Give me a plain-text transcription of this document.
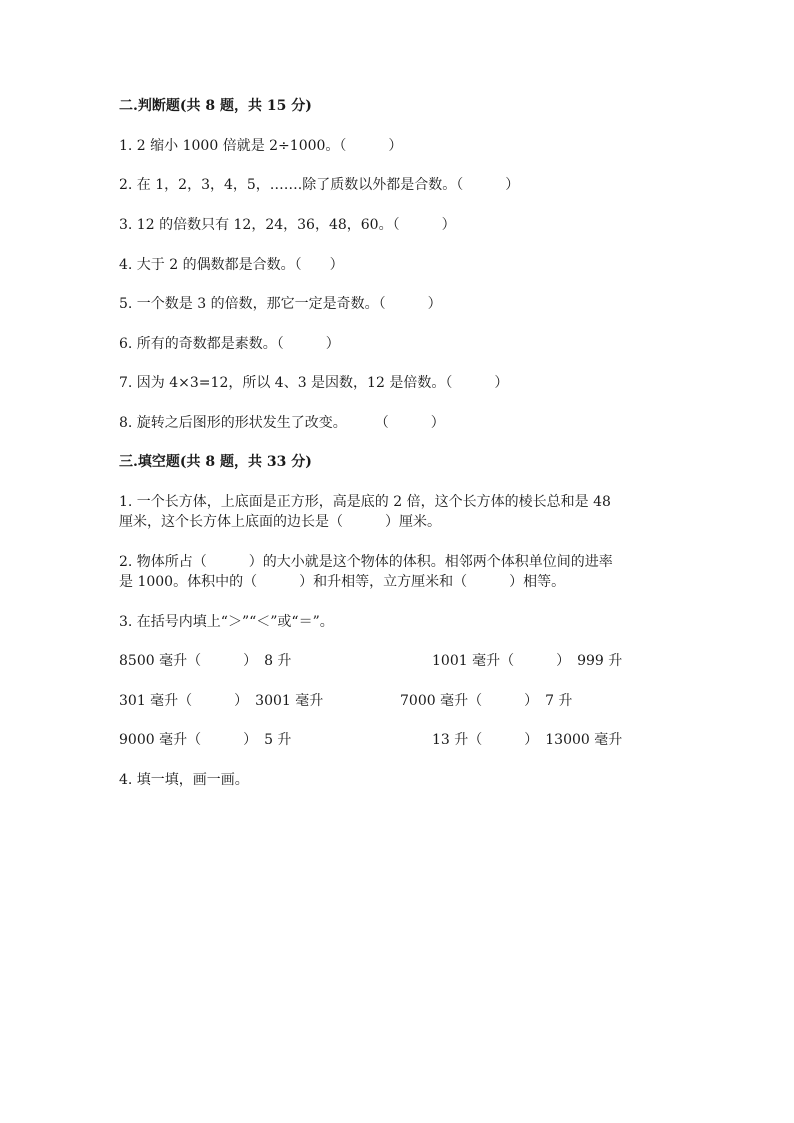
二.判断题(共 8 题，共 15 分)
1. 2 缩小 1000 倍就是 2÷1000。（　　　）
2. 在 1，2，3，4，5，…….除了质数以外都是合数。（　　　）
3. 12 的倍数只有 12，24，36，48，60。（　　　）
4. 大于 2 的偶数都是合数。（　　）
5. 一个数是 3 的倍数，那它一定是奇数。（　　　）
6. 所有的奇数都是素数。（　　　）
7. 因为 4×3=12，所以 4、3 是因数，12 是倍数。（　　　）
8. 旋转之后图形的形状发生了改变。　　　（　　　）
三.填空题(共 8 题，共 33 分)
1. 一个长方体，上底面是正方形，高是底的 2 倍，这个长方体的棱长总和是 48
厘米，这个长方体上底面的边长是（　　　）厘米。
2. 物体所占（　　　）的大小就是这个物体的体积。相邻两个体积单位间的进率
是 1000。体积中的（　　　）和升相等，立方厘米和（　　　）相等。
3. 在括号内填上“＞”“＜”或“＝”。
8500 毫升（　　　）　8 升	1001 毫升（　　　）　999 升
301 毫升（　　　）　3001 毫升	7000 毫升（　　　）　7 升
9000 毫升（　　　）　5 升	13 升（　　　）　13000 毫升
4. 填一填，画一画。
